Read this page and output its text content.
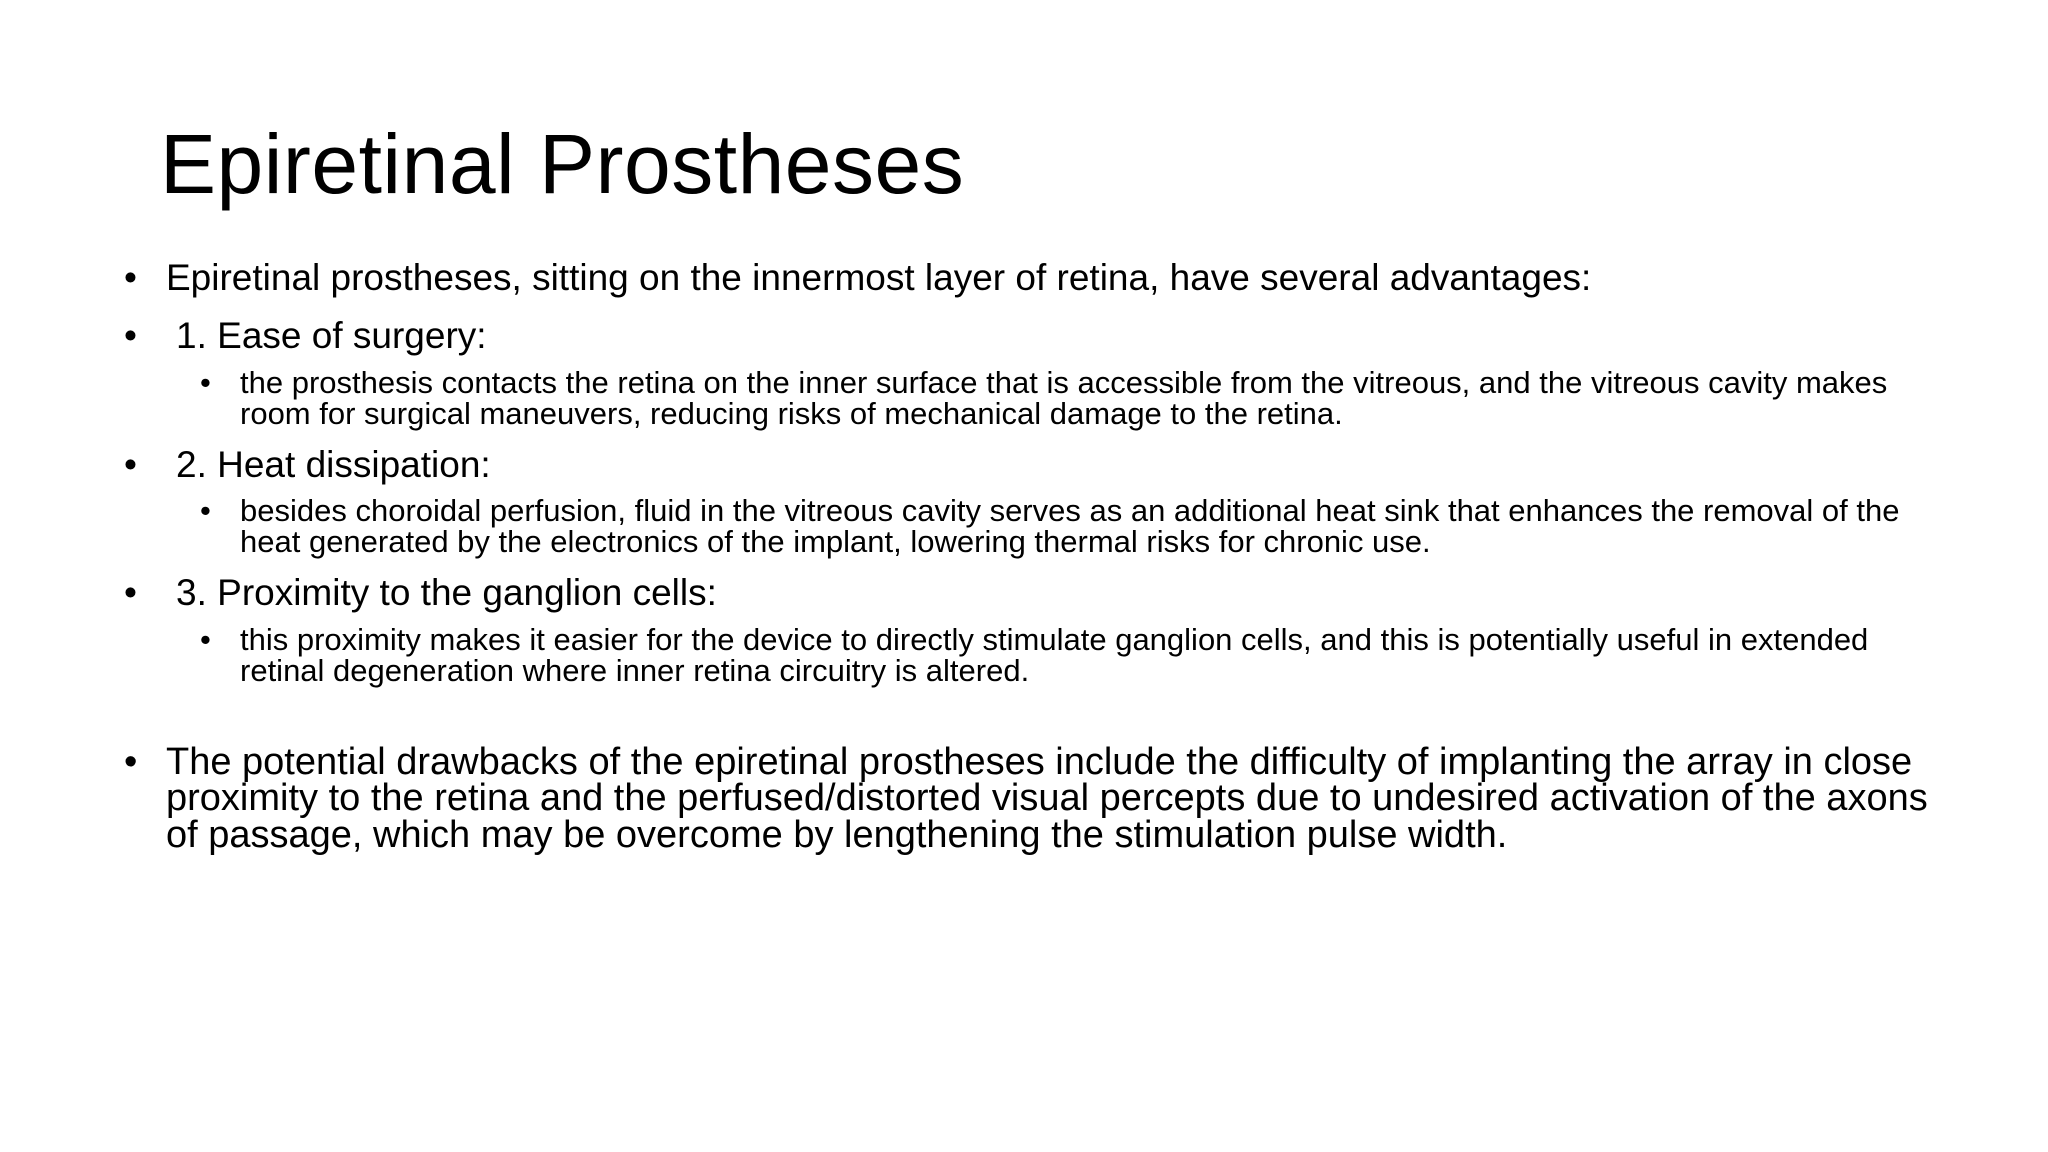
Epiretinal Prostheses
• Epiretinal prostheses, sitting on the innermost layer of retina, have several advantages:
• 1. Ease of surgery:
• the prosthesis contacts the retina on the inner surface that is accessible from the vitreous, and the vitreous cavity makes room for surgical maneuvers, reducing risks of mechanical damage to the retina.
• 2. Heat dissipation:
• besides choroidal perfusion, fluid in the vitreous cavity serves as an additional heat sink that enhances the removal of the heat generated by the electronics of the implant, lowering thermal risks for chronic use.
• 3. Proximity to the ganglion cells:
• this proximity makes it easier for the device to directly stimulate ganglion cells, and this is potentially useful in extended retinal degeneration where inner retina circuitry is altered.
• The potential drawbacks of the epiretinal prostheses include the difficulty of implanting the array in close proximity to the retina and the perfused/distorted visual percepts due to undesired activation of the axons of passage, which may be overcome by lengthening the stimulation pulse width.
